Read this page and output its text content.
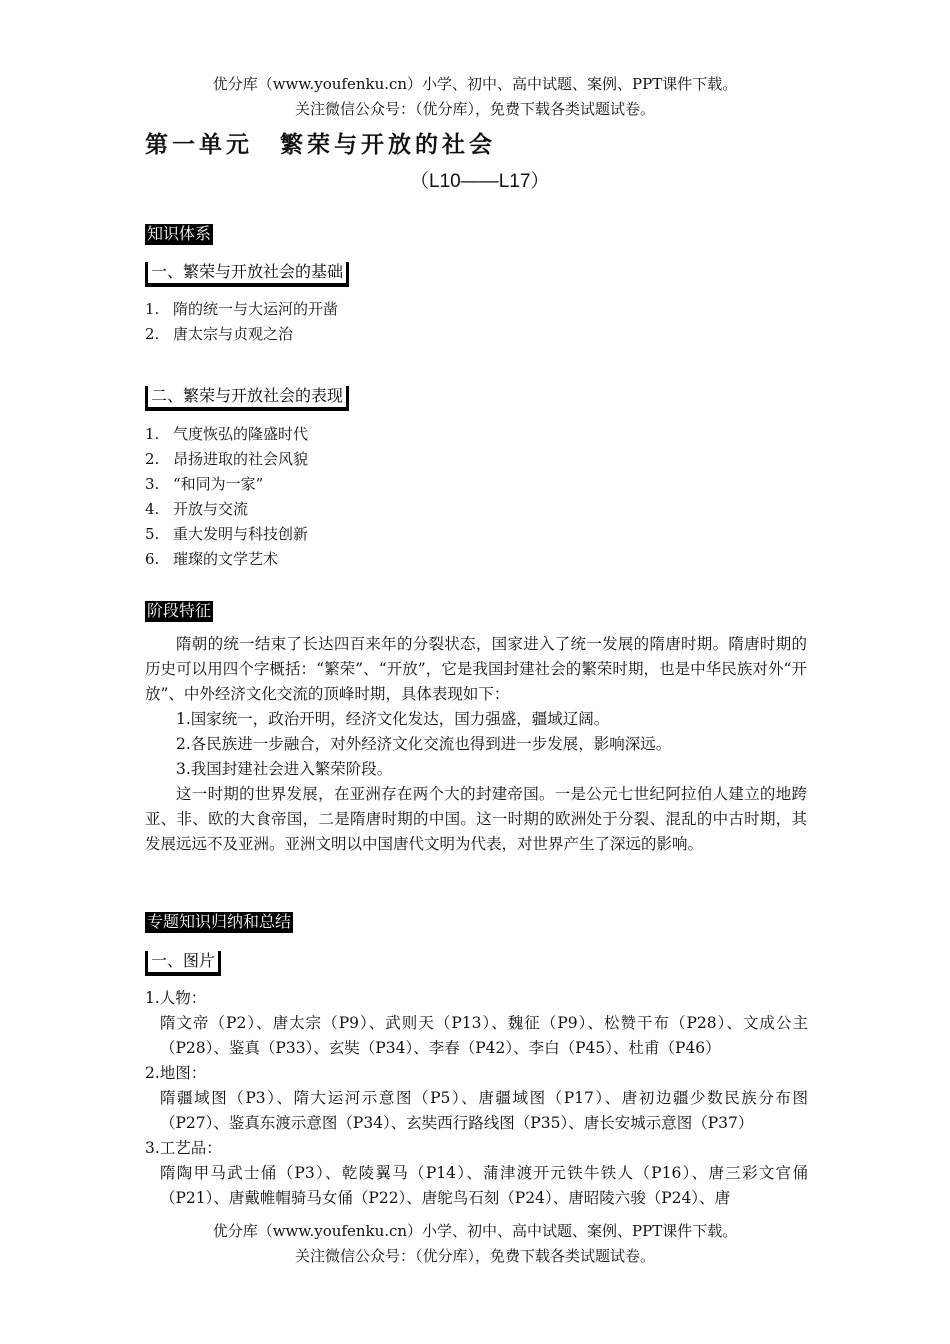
优分库（www.youfenku.cn）小学、初中、高中试题、案例、PPT课件下载。
关注微信公众号：（优分库），免费下载各类试题试卷。
第一单元　繁荣与开放的社会
（L10——L17）
知识体系
一、繁荣与开放社会的基础
1. 隋的统一与大运河的开凿
2. 唐太宗与贞观之治
二、繁荣与开放社会的表现
1. 气度恢弘的隆盛时代
2. 昂扬进取的社会风貌
3. “和同为一家”
4. 开放与交流
5. 重大发明与科技创新
6. 璀璨的文学艺术
阶段特征

隋朝的统一结束了长达四百来年的分裂状态，国家进入了统一发展的隋唐时期。隋唐时期的历史可以用四个字概括：“繁荣”、“开放”，它是我国封建社会的繁荣时期，也是中华民族对外“开放”、中外经济文化交流的顶峰时期，具体表现如下：

1.国家统一，政治开明，经济文化发达，国力强盛，疆域辽阔。
2.各民族进一步融合，对外经济文化交流也得到进一步发展，影响深远。
3.我国封建社会进入繁荣阶段。

这一时期的世界发展，在亚洲存在两个大的封建帝国。一是公元七世纪阿拉伯人建立的地跨亚、非、欧的大食帝国，二是隋唐时期的中国。这一时期的欧洲处于分裂、混乱的中古时期，其发展远远不及亚洲。亚洲文明以中国唐代文明为代表，对世界产生了深远的影响。

专题知识归纳和总结
一、图片
1.人物：

隋文帝（P2）、唐太宗（P9）、武则天（P13）、魏征（P9）、松赞干布（P28）、文成公主（P28）、鉴真（P33）、玄奘（P34）、李春（P42）、李白（P45）、杜甫（P46）

2.地图：

隋疆域图（P3）、隋大运河示意图（P5）、唐疆域图（P17）、唐初边疆少数民族分布图（P27）、鉴真东渡示意图（P34）、玄奘西行路线图（P35）、唐长安城示意图（P37）

3.工艺品：

隋陶甲马武士俑（P3）、乾陵翼马（P14）、蒲津渡开元铁牛铁人（P16）、唐三彩文官俑（P21）、唐戴帷帽骑马女俑（P22）、唐鸵鸟石刻（P24）、唐昭陵六骏（P24）、唐

优分库（www.youfenku.cn）小学、初中、高中试题、案例、PPT课件下载。
关注微信公众号：（优分库），免费下载各类试题试卷。
